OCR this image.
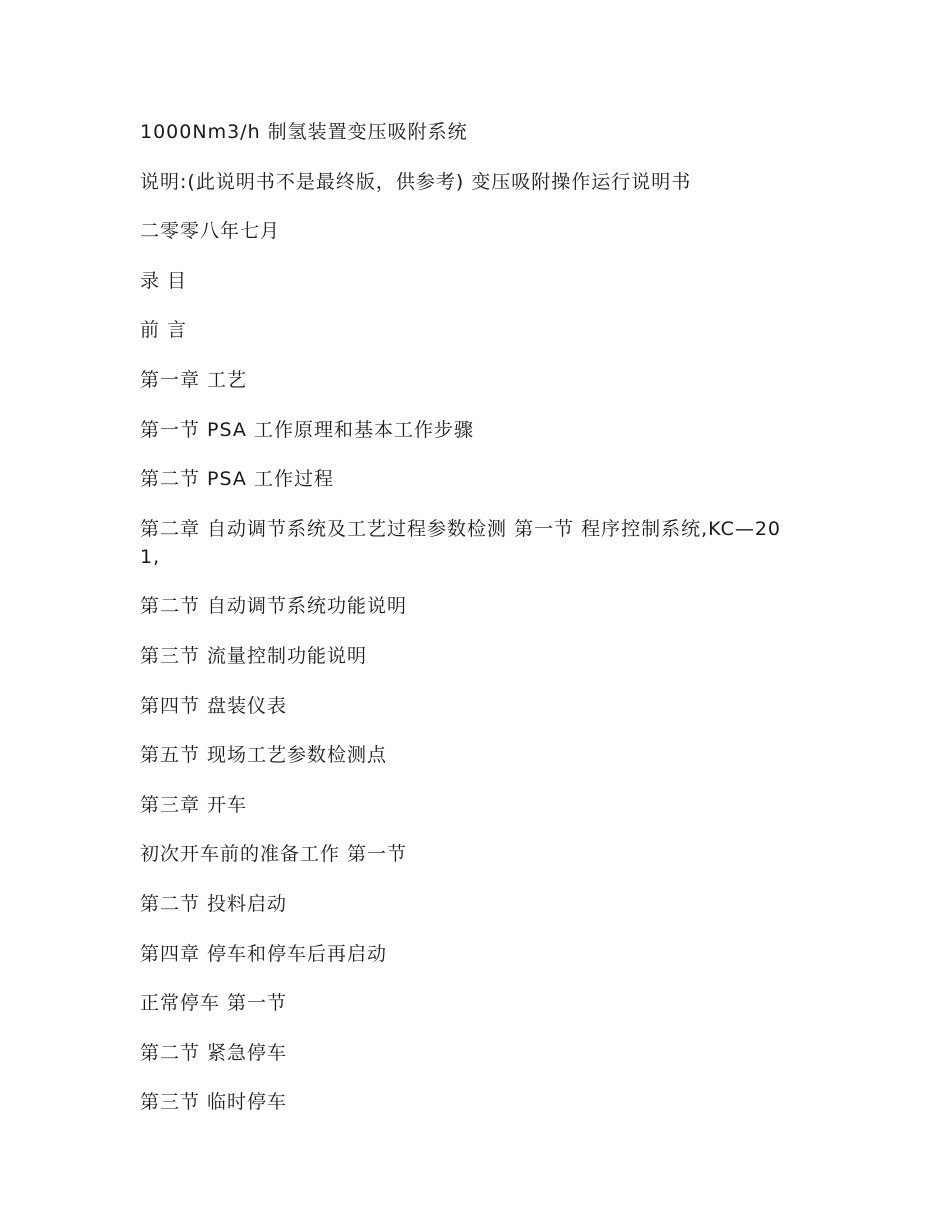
1000Nm3/h 制氢装置变压吸附系统

说明:(此说明书不是最终版，供参考) 变压吸附操作运行说明书

二零零八年七月

录 目

前 言

第一章 工艺

第一节 PSA 工作原理和基本工作步骤

第二节 PSA 工作过程

第二章 自动调节系统及工艺过程参数检测 第一节 程序控制系统,KC—201,

第二节 自动调节系统功能说明

第三节 流量控制功能说明

第四节 盘装仪表

第五节 现场工艺参数检测点

第三章 开车

初次开车前的准备工作 第一节

第二节 投料启动

第四章 停车和停车后再启动

正常停车 第一节

第二节 紧急停车

第三节 临时停车
